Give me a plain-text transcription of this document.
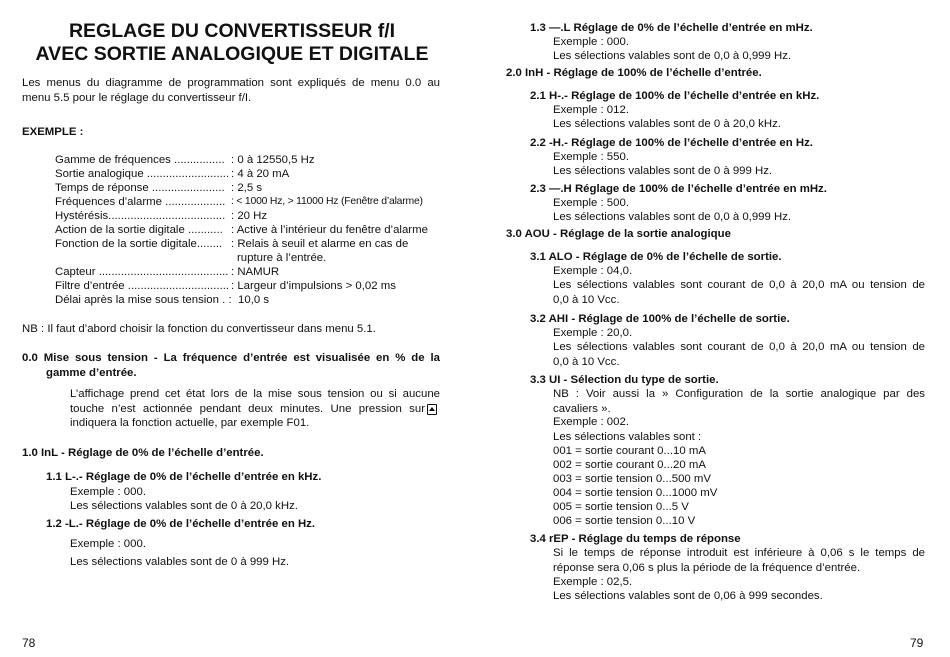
REGLAGE DU CONVERTISSEUR f/I
AVEC SORTIE ANALOGIQUE ET DIGITALE
Les menus du diagramme de programmation sont expliqués de menu 0.0 au
menu 5.5 pour le réglage du convertisseur f/I.
EXEMPLE :
Gamme de fréquences ................ : 0 à 12550,5 Hz
Sortie analogique .......................... : 4 à 20 mA
Temps de réponse ....................... : 2,5 s
Fréquences d’alarme ................... : < 1000 Hz, > 11000 Hz (Fenêtre d’alarme)
Hystérésis..................................... : 20 Hz
Action de la sortie digitale ........... : Active à l’intérieur du fenêtre d’alarme
Fonction de la sortie digitale........ : Relais à seuil et alarme en cas de
rupture à l’entrée.
Capteur ......................................... : NAMUR
Filtre d’entrée ................................ : Largeur d’impulsions > 0,02 ms
Délai après la mise sous tension . : 10,0 s
NB : Il faut d’abord choisir la fonction du convertisseur dans menu 5.1.
0.0 Mise sous tension - La fréquence d’entrée est visualisée en % de la
gamme d’entrée.
L’affichage prend cet état lors de la mise sous tension ou si aucune
touche n’est actionnée pendant deux minutes. Une pression sur
indiquera la fonction actuelle, par exemple F01.
1.0 InL - Réglage de 0% de l’échelle d’entrée.
1.1 L-.- Réglage de 0% de l’échelle d’entrée en kHz.
Exemple : 000.
Les sélections valables sont de 0 à 20,0 kHz.
1.2 -L.- Réglage de 0% de l’échelle d’entrée en Hz.
Exemple : 000.
Les sélections valables sont de 0 à 999 Hz.
78
1.3 —.L Réglage de 0% de l’échelle d’entrée en mHz.
Exemple : 000.
Les sélections valables sont de 0,0 à 0,999 Hz.
2.0 InH - Réglage de 100% de l’échelle d’entrée.
2.1 H-.- Réglage de 100% de l’échelle d’entrée en kHz.
Exemple : 012.
Les sélections valables sont de 0 à 20,0 kHz.
2.2 -H.- Réglage de 100% de l’échelle d’entrée en Hz.
Exemple : 550.
Les sélections valables sont de 0 à 999 Hz.
2.3 —.H Réglage de 100% de l’échelle d’entrée en mHz.
Exemple : 500.
Les sélections valables sont de 0,0 à 0,999 Hz.
3.0 AOU - Réglage de la sortie analogique
3.1 ALO - Réglage de 0% de l’échelle de sortie.
Exemple : 04,0.
Les sélections valables sont courant de 0,0 à 20,0 mA ou tension de
0,0 à 10 Vcc.
3.2 AHI - Réglage de 100% de l’échelle de sortie.
Exemple : 20,0.
Les sélections valables sont courant de 0,0 à 20,0 mA ou tension de
0,0 à 10 Vcc.
3.3 UI - Sélection du type de sortie.
NB : Voir aussi la » Configuration de la sortie analogique par des
cavaliers ».
Exemple : 002.
Les sélections valables sont :
001 = sortie courant 0...10 mA
002 = sortie courant 0...20 mA
003 = sortie tension 0...500 mV
004 = sortie tension 0...1000 mV
005 = sortie tension 0...5 V
006 = sortie tension 0...10 V
3.4 rEP - Réglage du temps de réponse
Si le temps de réponse introduit est inférieure à 0,06 s le temps de
réponse sera 0,06 s plus la période de la fréquence d’entrée.
Exemple : 02,5.
Les sélections valables sont de 0,06 à 999 secondes.
79
